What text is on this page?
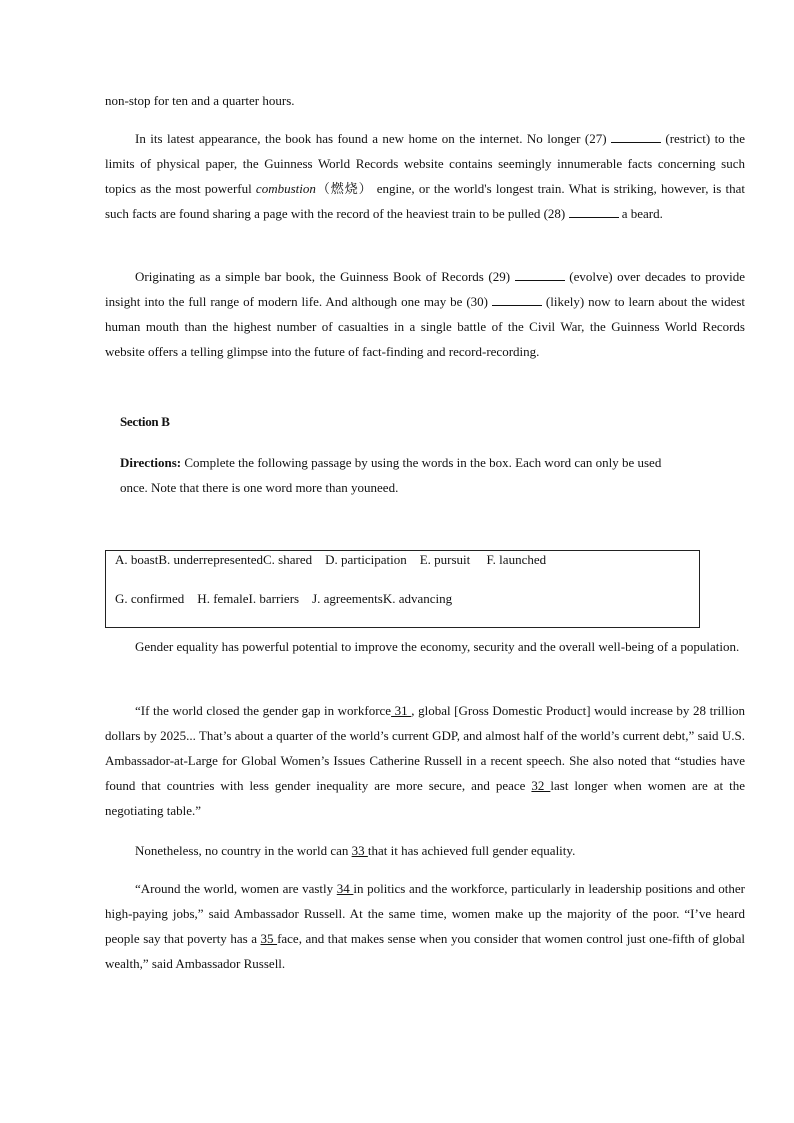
non-stop for ten and a quarter hours.

In its latest appearance, the book has found a new home on the internet. No longer (27)	(restrict) to the limits of physical paper, the Guinness World Records website contains seemingly innumerable facts concerning such topics as the most powerful combustion（燃烧） engine, or the world's longest train. What is striking, however, is that such facts are found sharing a page with the record of the heaviest train to be pulled (28)	a beard.

Originating as a simple bar book, the Guinness Book of Records (29)	(evolve) over decades to provide insight into the full range of modern life. And although one may be (30)	(likely) now to learn about the widest human mouth than the highest number of casualties in a single battle of the Civil War, the Guinness World Records website offers a telling glimpse into the future of fact-finding and record-recording.

Section B

Directions: Complete the following passage by using the words in the box. Each word can only be used once. Note that there is one word more than youneed.

A. boastB. underrepresentedC. shared    D. participation    E. pursuit     F. launched
G. confirmed    H. femaleI. barriers    J. agreementsK. advancing

Gender equality has powerful potential to improve the economy, security and the overall well-being of a population.

“If the world closed the gender gap in workforce 31 , global [Gross Domestic Product] would increase by 28 trillion dollars by 2025... That’s about a quarter of the world’s current GDP, and almost half of the world’s current debt,” said U.S. Ambassador-at-Large for Global Women’s Issues Catherine Russell in a recent speech. She also noted that “studies have found that countries with less gender inequality are more secure, and peace 32 last longer when women are at the negotiating table.”

Nonetheless, no country in the world can 33 that it has achieved full gender equality.

“Around the world, women are vastly 34 in politics and the workforce, particularly in leadership positions and other high-paying jobs,” said Ambassador Russell. At the same time, women make up the majority of the poor. “I’ve heard people say that poverty has a 35 face, and that makes sense when you consider that women control just one-fifth of global wealth,” said Ambassador Russell.
